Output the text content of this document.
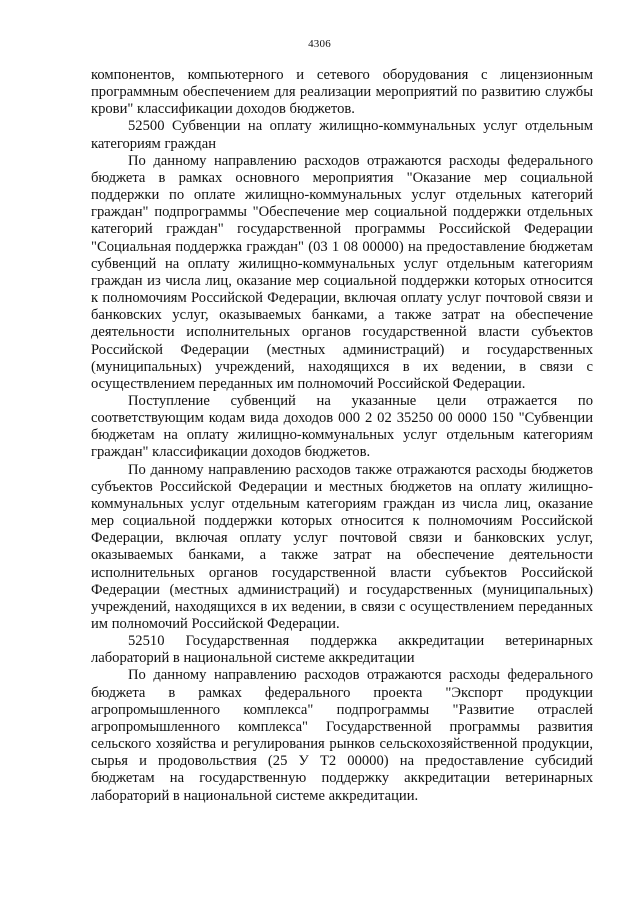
4306

компонентов, компьютерного и сетевого оборудования с лицензионным программным обеспечением для реализации мероприятий по развитию службы крови" классификации доходов бюджетов.

52500 Субвенции на оплату жилищно-коммунальных услуг отдельным категориям граждан

По данному направлению расходов отражаются расходы федерального бюджета в рамках основного мероприятия "Оказание мер социальной поддержки по оплате жилищно-коммунальных услуг отдельных категорий граждан" подпрограммы "Обеспечение мер социальной поддержки отдельных категорий граждан" государственной программы Российской Федерации "Социальная поддержка граждан" (03 1 08 00000) на предоставление бюджетам субвенций на оплату жилищно-коммунальных услуг отдельным категориям граждан из числа лиц, оказание мер социальной поддержки которых относится к полномочиям Российской Федерации, включая оплату услуг почтовой связи и банковских услуг, оказываемых банками, а также затрат на обеспечение деятельности исполнительных органов государственной власти субъектов Российской Федерации (местных администраций) и государственных (муниципальных) учреждений, находящихся в их ведении, в связи с осуществлением переданных им полномочий Российской Федерации.

Поступление субвенций на указанные цели отражается по соответствующим кодам вида доходов 000 2 02 35250 00 0000 150 "Субвенции бюджетам на оплату жилищно-коммунальных услуг отдельным категориям граждан" классификации доходов бюджетов.

По данному направлению расходов также отражаются расходы бюджетов субъектов Российской Федерации и местных бюджетов на оплату жилищно-коммунальных услуг отдельным категориям граждан из числа лиц, оказание мер социальной поддержки которых относится к полномочиям Российской Федерации, включая оплату услуг почтовой связи и банковских услуг, оказываемых банками, а также затрат на обеспечение деятельности исполнительных органов государственной власти субъектов Российской Федерации (местных администраций) и государственных (муниципальных) учреждений, находящихся в их ведении, в связи с осуществлением переданных им полномочий Российской Федерации.

52510 Государственная поддержка аккредитации ветеринарных лабораторий в национальной системе аккредитации

По данному направлению расходов отражаются расходы федерального бюджета в рамках федерального проекта "Экспорт продукции агропромышленного комплекса" подпрограммы "Развитие отраслей агропромышленного комплекса" Государственной программы развития сельского хозяйства и регулирования рынков сельскохозяйственной продукции, сырья и продовольствия (25 У Т2 00000) на предоставление субсидий бюджетам на государственную поддержку аккредитации ветеринарных лабораторий в национальной системе аккредитации.
